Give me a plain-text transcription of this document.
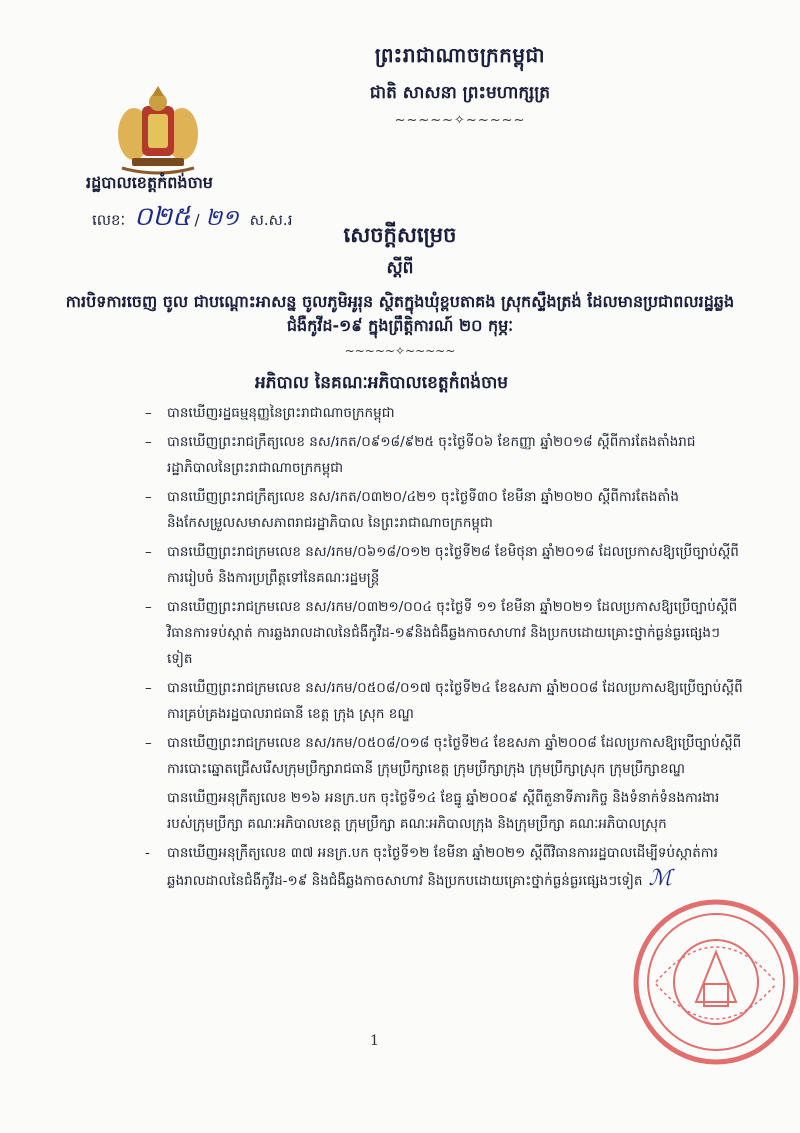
ព្រះរាជាណាចក្រកម្ពុជា
ជាតិ សាសនា ព្រះមហាក្សត្រ
~~~~~✧~~~~~
រដ្ឋបាលខេត្តកំពង់ចាម
លេខៈ ០២៥ / ២១ ស.ស.រ
សេចក្ដីសម្រេច
ស្ដីពី
ការបិទការចេញ ចូល ជាបណ្ដោះអាសន្ន ចូលភូមិអូរុន ស្ថិតក្នុងឃុំខ្ពបតាគង ស្រុកស្ទឹងត្រង់ ដែលមានប្រជាពលរដ្ឋឆ្លងជំងឺកូវីដ-១៩ ក្នុងព្រឹត្តិការណ៍ ២០ កុម្ភៈ
~~~~~✧~~~~~
អភិបាល នៃគណៈអភិបាលខេត្តកំពង់ចាម
– បានឃើញរដ្ឋធម្មនុញ្ញនៃព្រះរាជាណាចក្រកម្ពុជា
– បានឃើញព្រះរាជក្រឹត្យលេខ នស/រកត/០៩១៨/៩២៥ ចុះថ្ងៃទី០៦ ខែកញ្ញា ឆ្នាំ២០១៨ ស្ដីពីការតែងតាំងរាជរដ្ឋាភិបាលនៃព្រះរាជាណាចក្រកម្ពុជា
– បានឃើញព្រះរាជក្រឹត្យលេខ នស/រកត/០៣២០/៤២១ ចុះថ្ងៃទី៣០ ខែមីនា ឆ្នាំ២០២០ ស្ដីពីការតែងតាំង និងកែសម្រួលសមាសភាពរាជរដ្ឋាភិបាល នៃព្រះរាជាណាចក្រកម្ពុជា
– បានឃើញព្រះរាជក្រមលេខ នស/រកម/០៦១៨/០១២ ចុះថ្ងៃទី២៨ ខែមិថុនា ឆ្នាំ២០១៨ ដែលប្រកាសឱ្យប្រើច្បាប់ស្ដីពីការរៀបចំ និងការប្រព្រឹត្តទៅនៃគណៈរដ្ឋមន្ត្រី
– បានឃើញព្រះរាជក្រមលេខ នស/រកម/០៣២១/០០៤ ចុះថ្ងៃទី ១១ ខែមីនា ឆ្នាំ២០២១ ដែលប្រកាសឱ្យប្រើច្បាប់ស្ដីពីវិធានការទប់ស្កាត់ ការឆ្លងរាលដាលនៃជំងឺកូវីដ-១៩និងជំងឺឆ្លងកាចសាហាវ និងប្រកបដោយគ្រោះថ្នាក់ធ្ងន់ធ្ងរផ្សេងៗទៀត
– បានឃើញព្រះរាជក្រមលេខ នស/រកម/០៥០៨/០១៧ ចុះថ្ងៃទី២៤ ខែឧសភា ឆ្នាំ២០០៨ ដែលប្រកាសឱ្យប្រើច្បាប់ស្ដីពីការគ្រប់គ្រងរដ្ឋបាលរាជធានី ខេត្ត ក្រុង ស្រុក ខណ្ឌ
– បានឃើញព្រះរាជក្រមលេខ នស/រកម/០៥០៨/០១៨ ចុះថ្ងៃទី២៤ ខែឧសភា ឆ្នាំ២០០៨ ដែលប្រកាសឱ្យប្រើច្បាប់ស្ដីពីការបោះឆ្នោតជ្រើសរើសក្រុមប្រឹក្សារាជធានី ក្រុមប្រឹក្សាខេត្ត ក្រុមប្រឹក្សាក្រុង ក្រុមប្រឹក្សាស្រុក ក្រុមប្រឹក្សាខណ្ឌ
បានឃើញអនុក្រឹត្យលេខ ២១៦ អនក្រ.បក ចុះថ្ងៃទី១៤ ខែធ្នូ ឆ្នាំ២០០៩ ស្ដីពីតួនាទីភារកិច្ច និងទំនាក់ទំនងការងាររបស់ក្រុមប្រឹក្សា គណៈអភិបាលខេត្ត ក្រុមប្រឹក្សា គណៈអភិបាលក្រុង និងក្រុមប្រឹក្សា គណៈអភិបាលស្រុក
- បានឃើញអនុក្រឹត្យលេខ ៣៧ អនក្រ.បក ចុះថ្ងៃទី១២ ខែមីនា ឆ្នាំ២០២១ ស្ដីពីវិធានការរដ្ឋបាលដើម្បីទប់ស្កាត់ការឆ្លងរាលដាលនៃជំងឺកូវីដ-១៩ និងជំងឺឆ្លងកាចសាហាវ និងប្រកបដោយគ្រោះថ្នាក់ធ្ងន់ធ្ងរផ្សេងៗទៀត ℳ
1
